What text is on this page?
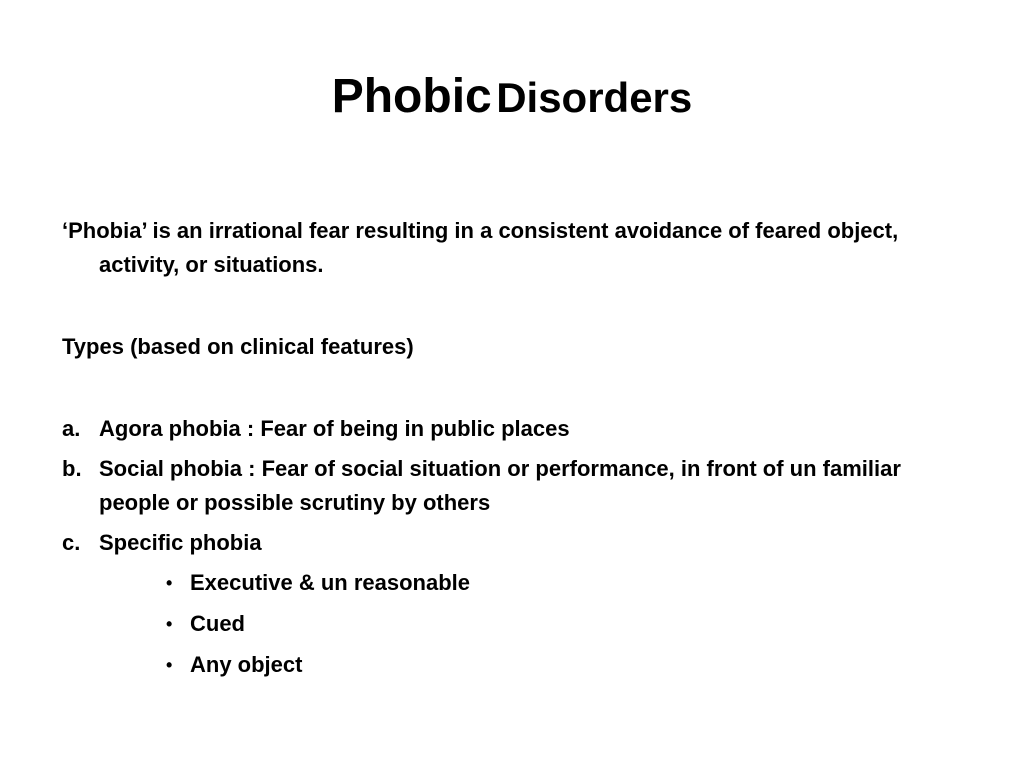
Phobic Disorders

‘Phobia’ is an irrational fear resulting in a consistent avoidance of feared object, activity, or situations.

Types (based on clinical features)

a. Agora phobia : Fear of being in public places
b. Social phobia : Fear of social situation or performance, in front of un familiar people or possible scrutiny by others
c. Specific phobia
• Executive & un reasonable
• Cued
• Any object
